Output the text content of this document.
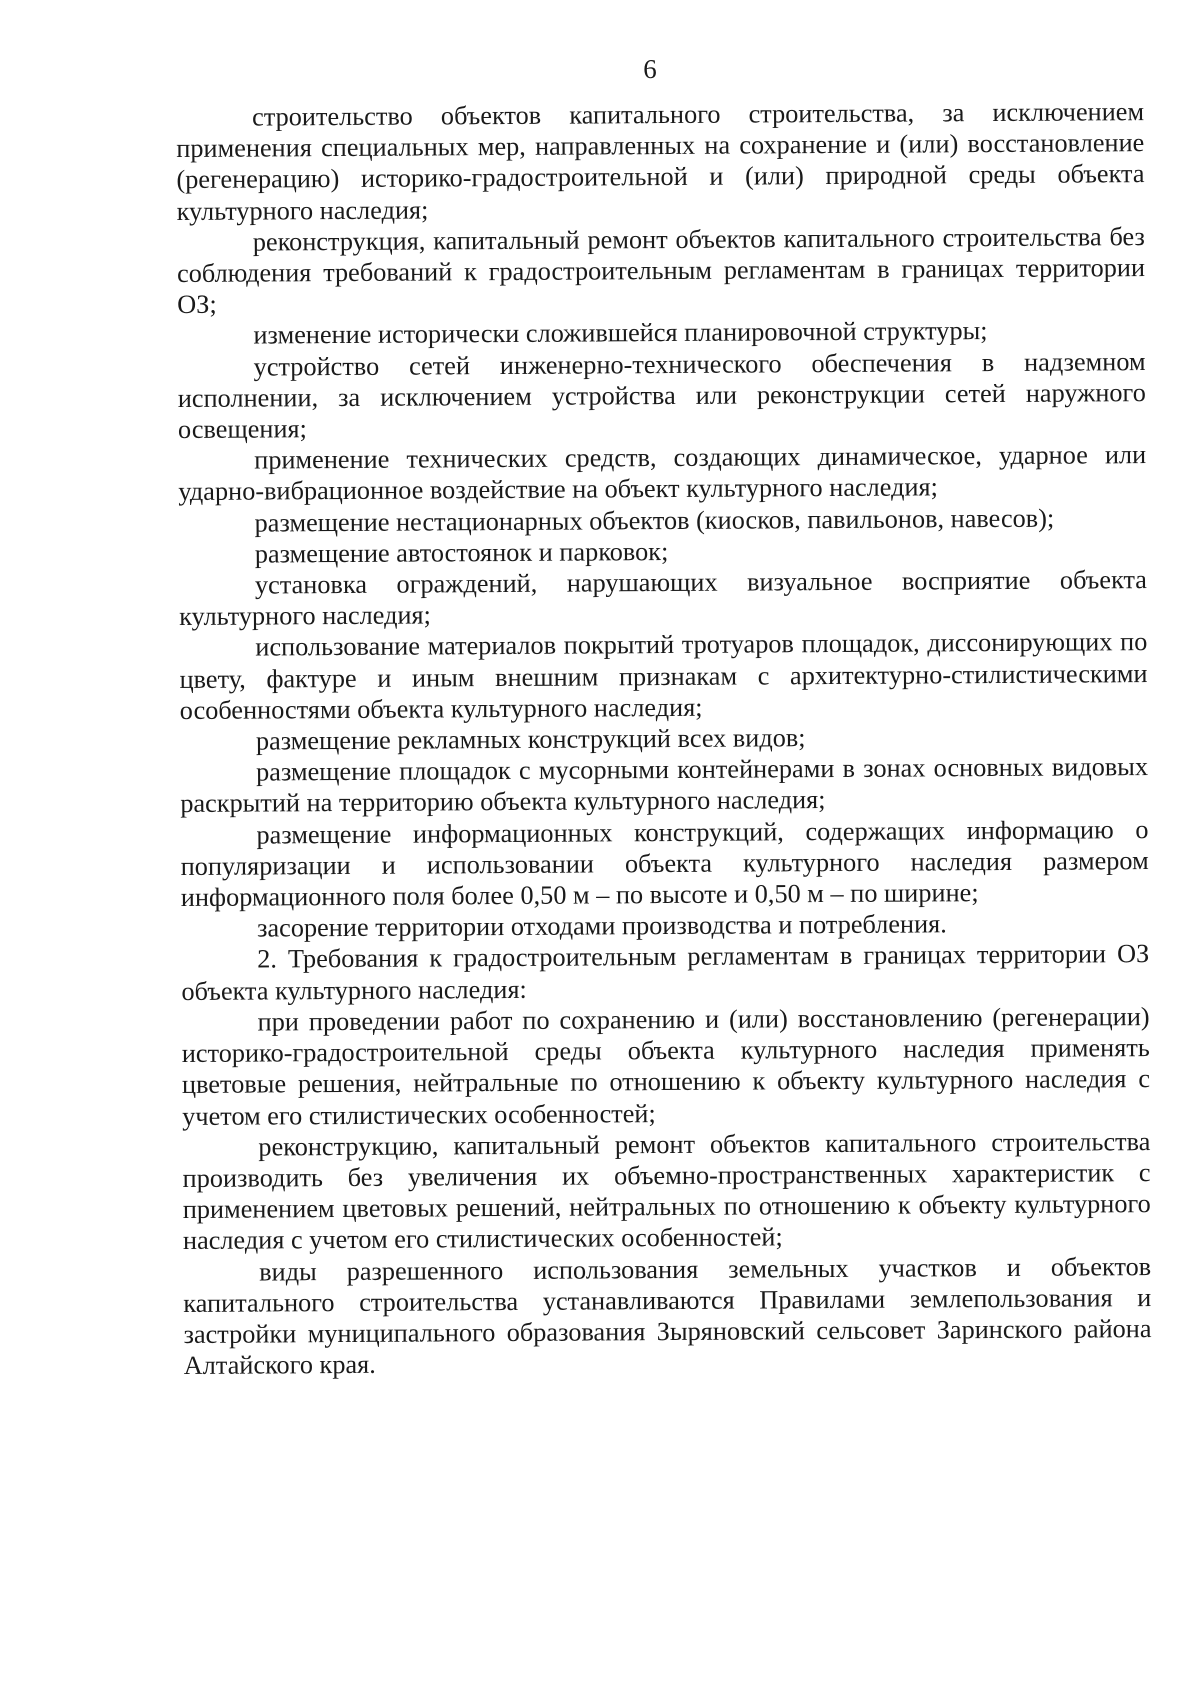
6

строительство объектов капитального строительства, за исключением применения специальных мер, направленных на сохранение и (или) восстановление (регенерацию) историко-градостроительной и (или) природной среды объекта культурного наследия;

реконструкция, капитальный ремонт объектов капитального строительства без соблюдения требований к градостроительным регламентам в границах территории ОЗ;

изменение исторически сложившейся планировочной структуры;

устройство сетей инженерно-технического обеспечения в надземном исполнении, за исключением устройства или реконструкции сетей наружного освещения;

применение технических средств, создающих динамическое, ударное или ударно-вибрационное воздействие на объект культурного наследия;

размещение нестационарных объектов (киосков, павильонов, навесов);

размещение автостоянок и парковок;

установка ограждений, нарушающих визуальное восприятие объекта культурного наследия;

использование материалов покрытий тротуаров площадок, диссонирующих по цвету, фактуре и иным внешним признакам с архитектурно-стилистическими особенностями объекта культурного наследия;

размещение рекламных конструкций всех видов;

размещение площадок с мусорными контейнерами в зонах основных видовых раскрытий на территорию объекта культурного наследия;

размещение информационных конструкций, содержащих информацию о популяризации и использовании объекта культурного наследия размером информационного поля более 0,50 м – по высоте и 0,50 м – по ширине;

засорение территории отходами производства и потребления.

2. Требования к градостроительным регламентам в границах территории ОЗ объекта культурного наследия:

при проведении работ по сохранению и (или) восстановлению (регенерации) историко-градостроительной среды объекта культурного наследия применять цветовые решения, нейтральные по отношению к объекту культурного наследия с учетом его стилистических особенностей;

реконструкцию, капитальный ремонт объектов капитального строительства производить без увеличения их объемно-пространственных характеристик с применением цветовых решений, нейтральных по отношению к объекту культурного наследия с учетом его стилистических особенностей;

виды разрешенного использования земельных участков и объектов капитального строительства устанавливаются Правилами землепользования и застройки муниципального образования Зыряновский сельсовет Заринского района Алтайского края.
